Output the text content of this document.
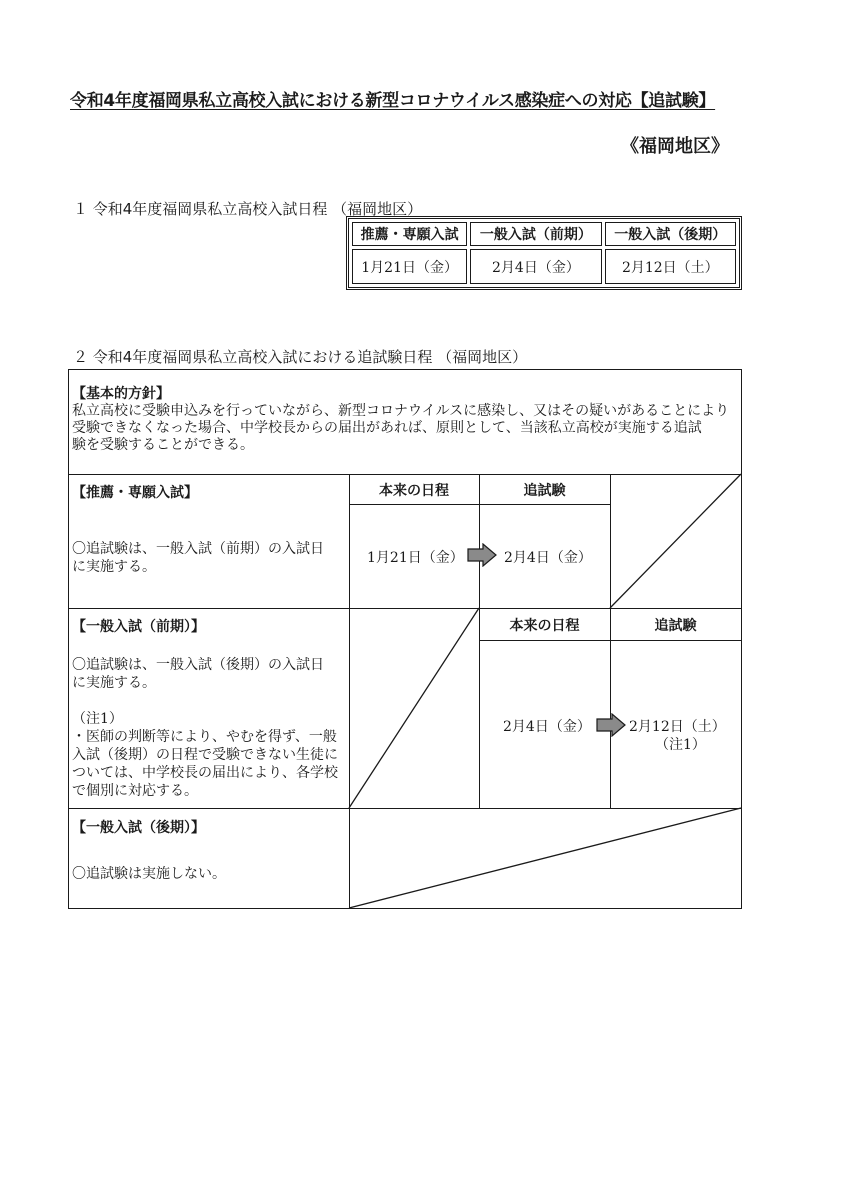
令和4年度福岡県私立高校入試における新型コロナウイルス感染症への対応【追試験】
《福岡地区》
１ 令和4年度福岡県私立高校入試日程 （福岡地区）
推薦・専願入試	一般入試（前期）	一般入試（後期）
1月21日（金）	2月4日（金）	2月12日（土）
２ 令和4年度福岡県私立高校入試における追試験日程 （福岡地区）
【基本的方針】
私立高校に受験申込みを行っていながら、新型コロナウイルスに感染し、又はその疑いがあることにより
受験できなくなった場合、中学校長からの届出があれば、原則として、当該私立高校が実施する追試
験を受験することができる。
【推薦・専願入試】	本来の日程	追試験
〇追試験は、一般入試（前期）の入試日
に実施する。
1月21日（金）	2月4日（金）
【一般入試（前期）】	本来の日程	追試験
〇追試験は、一般入試（後期）の入試日
に実施する。
（注1）
・医師の判断等により、やむを得ず、一般
入試（後期）の日程で受験できない生徒に
ついては、中学校長の届出により、各学校
で個別に対応する。
2月4日（金）	2月12日（土）
（注1）
【一般入試（後期）】
〇追試験は実施しない。
